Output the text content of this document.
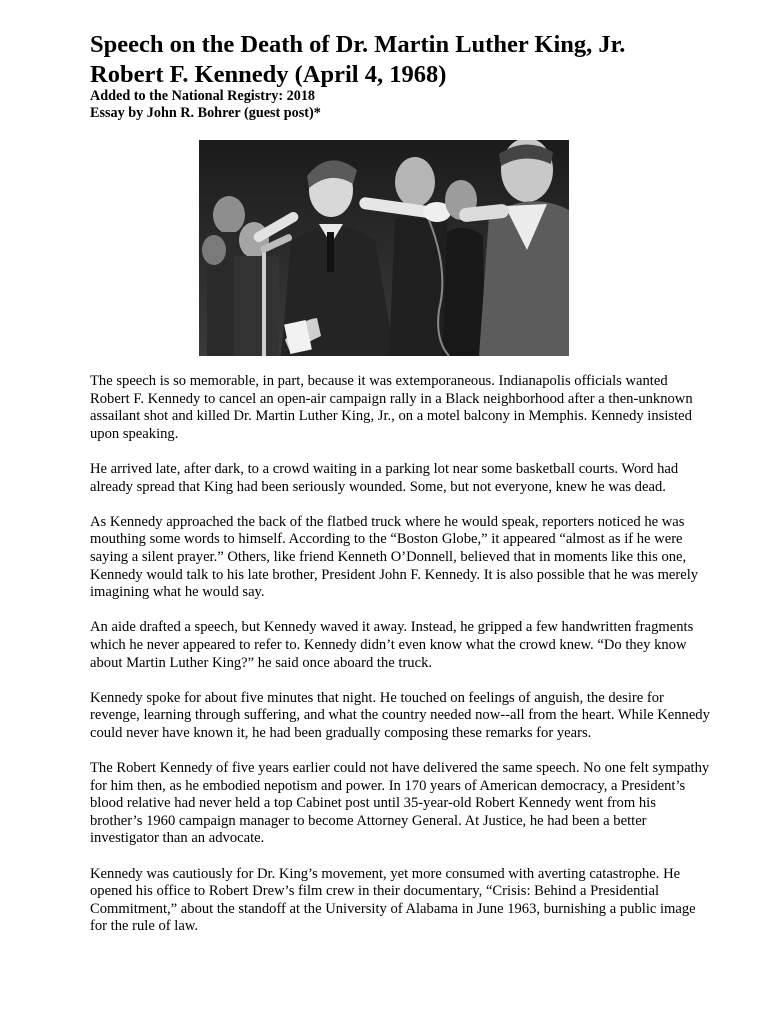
Speech on the Death of Dr. Martin Luther King, Jr.
Robert F. Kennedy (April 4, 1968)
Added to the National Registry: 2018
Essay by John R. Bohrer (guest post)*

The speech is so memorable, in part, because it was extemporaneous. Indianapolis officials wanted Robert F. Kennedy to cancel an open-air campaign rally in a Black neighborhood after a then-unknown assailant shot and killed Dr. Martin Luther King, Jr., on a motel balcony in Memphis. Kennedy insisted upon speaking.

He arrived late, after dark, to a crowd waiting in a parking lot near some basketball courts. Word had already spread that King had been seriously wounded. Some, but not everyone, knew he was dead.

As Kennedy approached the back of the flatbed truck where he would speak, reporters noticed he was mouthing some words to himself. According to the “Boston Globe,” it appeared “almost as if he were saying a silent prayer.” Others, like friend Kenneth O’Donnell, believed that in moments like this one, Kennedy would talk to his late brother, President John F. Kennedy. It is also possible that he was merely imagining what he would say.

An aide drafted a speech, but Kennedy waved it away. Instead, he gripped a few handwritten fragments which he never appeared to refer to. Kennedy didn’t even know what the crowd knew. “Do they know about Martin Luther King?” he said once aboard the truck.

Kennedy spoke for about five minutes that night. He touched on feelings of anguish, the desire for revenge, learning through suffering, and what the country needed now--all from the heart. While Kennedy could never have known it, he had been gradually composing these remarks for years.

The Robert Kennedy of five years earlier could not have delivered the same speech. No one felt sympathy for him then, as he embodied nepotism and power. In 170 years of American democracy, a President’s blood relative had never held a top Cabinet post until 35-year-old Robert Kennedy went from his brother’s 1960 campaign manager to become Attorney General. At Justice, he had been a better investigator than an advocate.

Kennedy was cautiously for Dr. King’s movement, yet more consumed with averting catastrophe. He opened his office to Robert Drew’s film crew in their documentary, “Crisis: Behind a Presidential Commitment,” about the standoff at the University of Alabama in June 1963, burnishing a public image for the rule of law.
